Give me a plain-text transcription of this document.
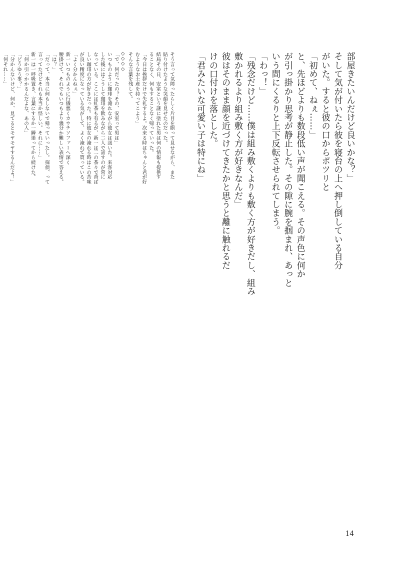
部屋きたいんだけど良いかな？」

そして気が付いたら彼を寝台の上へ押し倒している自分

がいた。すると彼の口からポツリと

「初めて、ねぇ……」

と、先ほどよりも数段低い声が聞こえる。その声色に何か

が引っ掛かり思考が静止した。その隙に腕を掴まれ、あっと

いう間にくるりと上下反転させられてしまう。

「わっ！」

「残念だけど……僕は組み敷くよりも敷く方が好きだし、組み

敷かれるより組み敷く方が好きなんだ」

彼はそのまま顔を近づけてきたかと思うと離に触れるだ

けの口付けを落とした。

「君みたいな可愛い子は特にね」

そう言って気障ったらしく片目を瞑って見せながら、また

貼り付けたような笑顔を見せたのだった。

結局その日、安室という謎に塗れた男は何の情報も提供す

ることなく、何もすることなく帰っていった。

「今日は挨拶だけで失礼するよ。次来る時はちゃんと君が好

むようなお土産を持ってこよう」

そんな言葉を残して。

◇◇◇◇

「で、何だったの？その、安室って男は」

いつものように珈琲を淹れながら彼女は訊いた。来客対応

した後にはこうして珈琲を飲みながら二人で話すのが常に

なっている。ここには紅茶も有るが、新一は二の茶々で香ば

しい珈琲の方が好きだった。特に彼女の淹れる時はこの苦味

が良い精度になっている気がして、よく淹れて貰っている。

「よく分かんねぇ」

新一いつものように行儀悪くカウチソファーへ深く

腰掛けて、それでもいつもより幾分か難しい表情で答える。

「は？」

「だって、本当に何もしないで帰っていったし。探偵、って

言ってたけどそれも本当か怪しい。それに……」

新一は一呼吸置き、言葉にするか一瞬迷ってから続けた。

「何か引っかかるんだよな、あの人」

「どうゆう事？」

「分かんないけど、何か、見てるとモヤモヤするんだよ！」

「何それ……」

14
